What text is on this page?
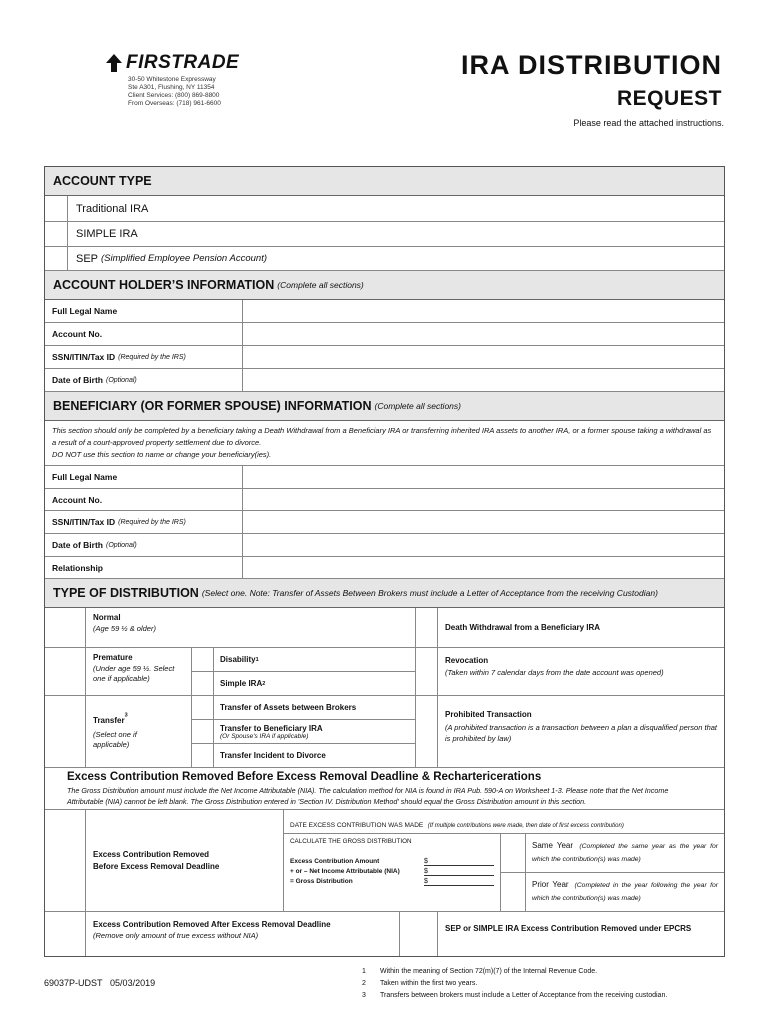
FIRSTRADE
30-50 Whitestone Expressway
Ste A301, Flushing, NY 11354
Client Services: (800) 869-8800
From Overseas: (718) 961-6600
IRA DISTRIBUTION
REQUEST
Please read the attached instructions.
ACCOUNT TYPE
Traditional IRA
SIMPLE IRA
SEP (Simplified Employee Pension Account)
ACCOUNT HOLDER’S INFORMATION (Complete all sections)
Full Legal Name
Account No.
SSN/ITIN/Tax ID (Required by the IRS)
Date of Birth (Optional)
BENEFICIARY (OR FORMER SPOUSE) INFORMATION (Complete all sections)
This section should only be completed by a beneficiary taking a Death Withdrawal from a Beneficiary IRA or transferring inherited IRA assets to another IRA, or a former spouse taking a withdrawal as a result of a court-approved property settlement due to divorce.
DO NOT use this section to name or change your beneficiary(ies).
Full Legal Name
Account No.
SSN/ITIN/Tax ID (Required by the IRS)
Date of Birth (Optional)
Relationship
TYPE OF DISTRIBUTION (Select one. Note: Transfer of Assets Between Brokers must include a Letter of Acceptance from the receiving Custodian)
Normal
(Age 59 ½ & older)	Death Withdrawal from a Beneficiary IRA
Premature
(Under age 59 ½. Select one if applicable)
Disability 1
Simple IRA 2
Revocation
(Taken within 7 calendar days from the date account was opened)
Transfer$^3$
(Select one if applicable)
Transfer of Assets between Brokers
Transfer to Beneficiary IRA
(Or Spouse's IRA if applicable)
Transfer Incident to Divorce
Prohibited Transaction
(A prohibited transaction is a transaction between a plan a disqualified person that is prohibited by law)
Excess Contribution Removed Before Excess Removal Deadline & Rechartericerations
The Gross Distribution amount must include the Net Income Attributable (NIA). The calculation method for NIA is found in IRA Pub. 590-A on Worksheet 1-3. Please note that the Net Income Attributable (NIA) cannot be left blank. The Gross Distribution entered in 'Section IV. Distribution Method' should equal the Gross Distribution amount in this section.
Excess Contribution Removed
Before Excess Removal Deadline
DATE EXCESS CONTRIBUTION WAS MADE (If multiple contributions were made, then date of first excess contribution)
CALCULATE THE GROSS DISTRIBUTION
Excess Contribution Amount	$
+ or – Net Income Attributable (NIA)	$
= Gross Distribution	$
Same Year (Completed the same year as the year for which the contribution(s) was made)
Prior Year (Completed in the year following the year for which the contribution(s) was made)
Excess Contribution Removed After Excess Removal Deadline
(Remove only amount of true excess without NIA)
SEP or SIMPLE IRA Excess Contribution Removed under EPCRS
69037P-UDST 05/03/2019
1 Within the meaning of Section 72(m)(7) of the Internal Revenue Code.
2 Taken within the first two years.
3 Transfers between brokers must include a Letter of Acceptance from the receiving custodian.
